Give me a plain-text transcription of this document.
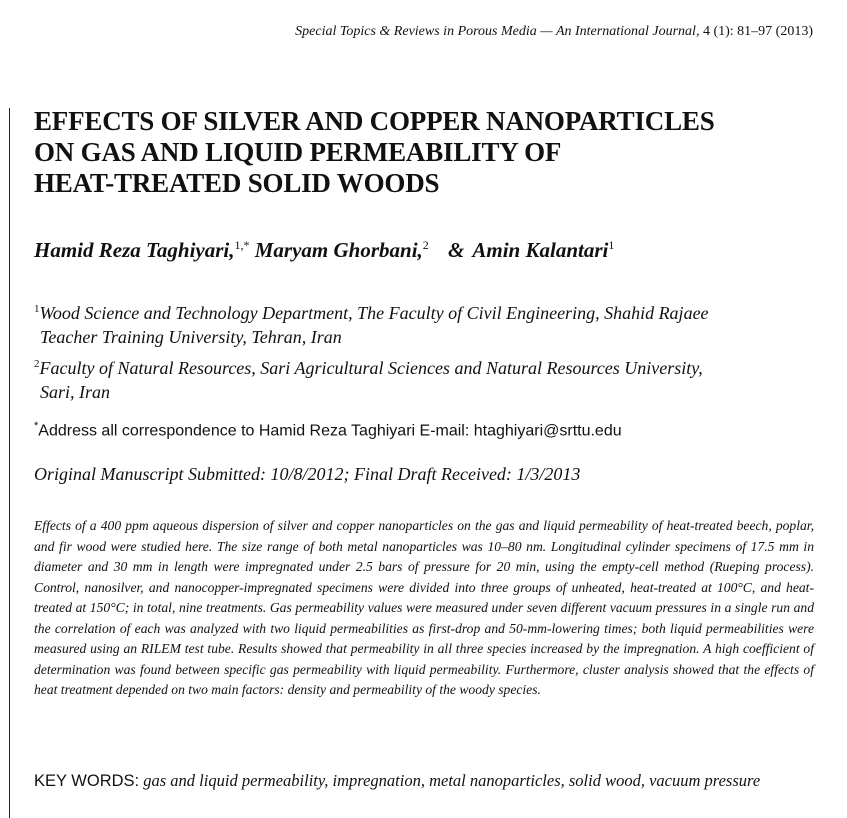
Special Topics & Reviews in Porous Media — An International Journal, 4 (1): 81–97 (2013)
EFFECTS OF SILVER AND COPPER NANOPARTICLES
ON GAS AND LIQUID PERMEABILITY OF
HEAT-TREATED SOLID WOODS
Hamid Reza Taghiyari,$^{1,*}$ Maryam Ghorbani,$^2$ & Amin Kalantari$^1$
$^1$Wood Science and Technology Department, The Faculty of Civil Engineering, Shahid Rajaee
Teacher Training University, Tehran, Iran
$^2$Faculty of Natural Resources, Sari Agricultural Sciences and Natural Resources University,
Sari, Iran
*Address all correspondence to Hamid Reza Taghiyari E-mail: htaghiyari@srttu.edu
Original Manuscript Submitted: 10/8/2012; Final Draft Received: 1/3/2013
Effects of a 400 ppm aqueous dispersion of silver and copper nanoparticles on the gas and liquid permeability of heat-treated beech, poplar, and fir wood were studied here. The size range of both metal nanoparticles was 10–80 nm. Longitudinal cylinder specimens of 17.5 mm in diameter and 30 mm in length were impregnated under 2.5 bars of pressure for 20 min, using the empty-cell method (Rueping process). Control, nanosilver, and nanocopper-impregnated specimens were divided into three groups of unheated, heat-treated at 100°C, and heat-treated at 150°C; in total, nine treatments. Gas permeability values were measured under seven different vacuum pressures in a single run and the correlation of each was analyzed with two liquid permeabilities as first-drop and 50-mm-lowering times; both liquid permeabilities were measured using an RILEM test tube. Results showed that permeability in all three species increased by the impregnation. A high coefficient of determination was found between specific gas permeability with liquid permeability. Furthermore, cluster analysis showed that the effects of heat treatment depended on two main factors: density and permeability of the woody species.
KEY WORDS: gas and liquid permeability, impregnation, metal nanoparticles, solid wood, vacuum pressure
